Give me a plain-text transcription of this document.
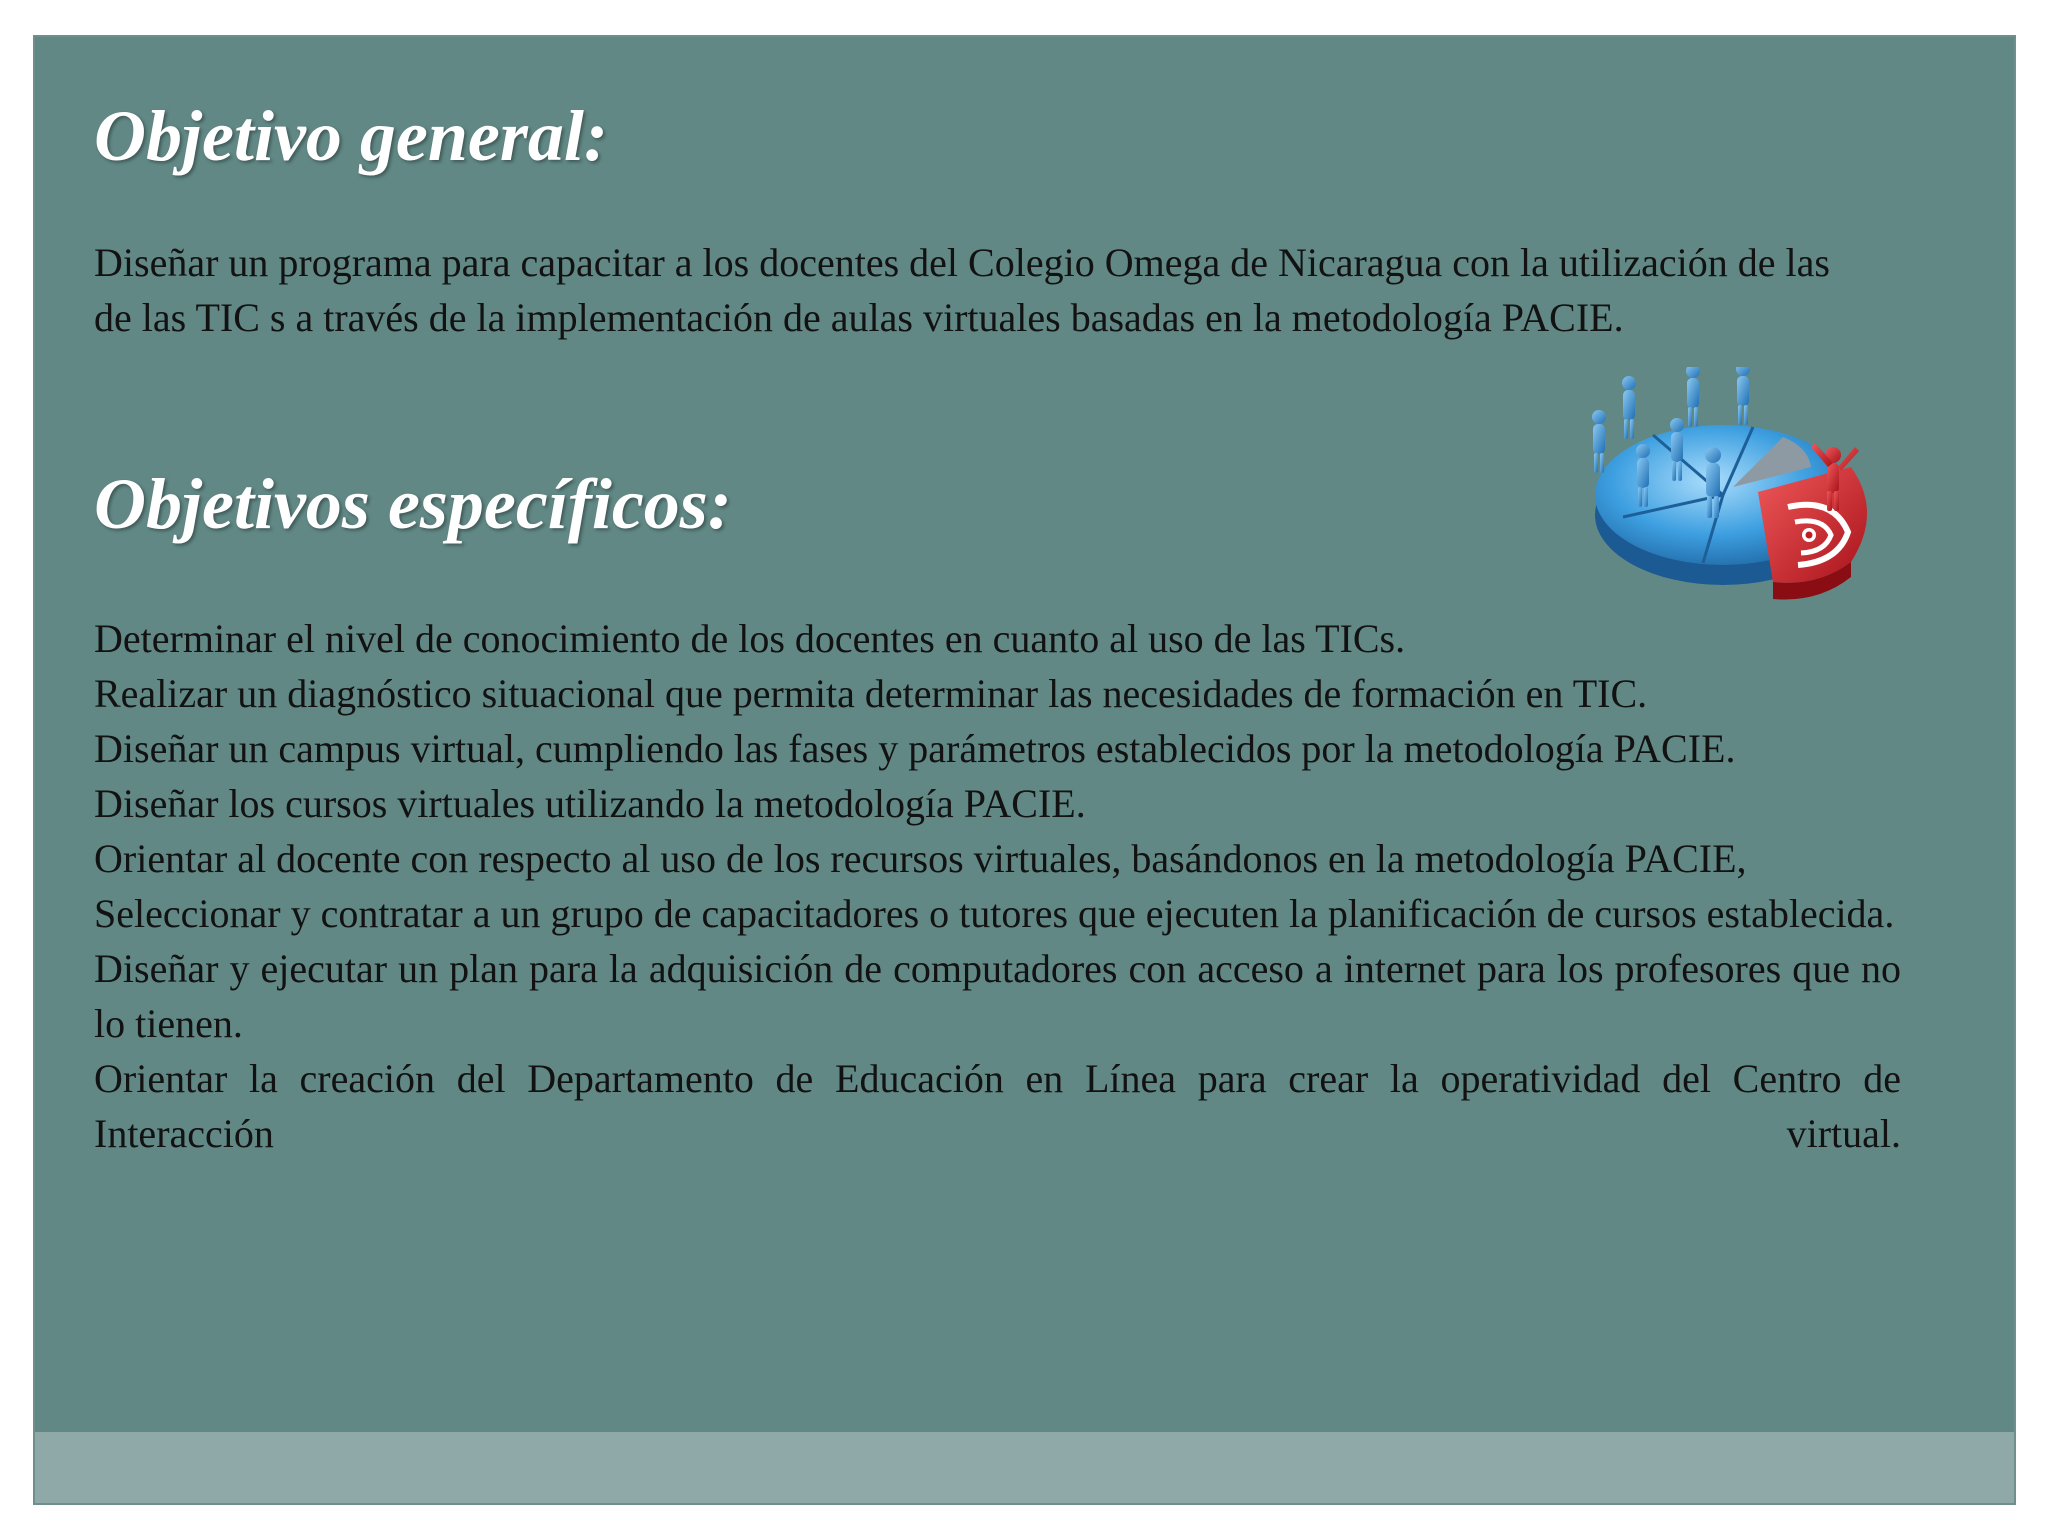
Objetivo general:

Diseñar un programa para capacitar a los docentes del Colegio Omega de Nicaragua con la utilización de las de las TIC s a través de la implementación de aulas virtuales basadas en la metodología PACIE.

Objetivos específicos:
Determinar el nivel de conocimiento de los docentes en cuanto al uso de las TICs.
Realizar un diagnóstico situacional que permita determinar las necesidades de formación en TIC.
Diseñar un campus virtual, cumpliendo las fases y parámetros establecidos por la metodología PACIE.
Diseñar los cursos virtuales utilizando la metodología PACIE.
Orientar al docente con respecto al uso de los recursos virtuales, basándonos en la metodología PACIE,
Seleccionar y contratar a un grupo de capacitadores o tutores que ejecuten la planificación de cursos establecida.
Diseñar y ejecutar un plan para la adquisición de computadores con acceso a internet para los profesores que no lo tienen.
Orientar la creación del Departamento de Educación en Línea para crear la operatividad del Centro de Interacción virtual.
